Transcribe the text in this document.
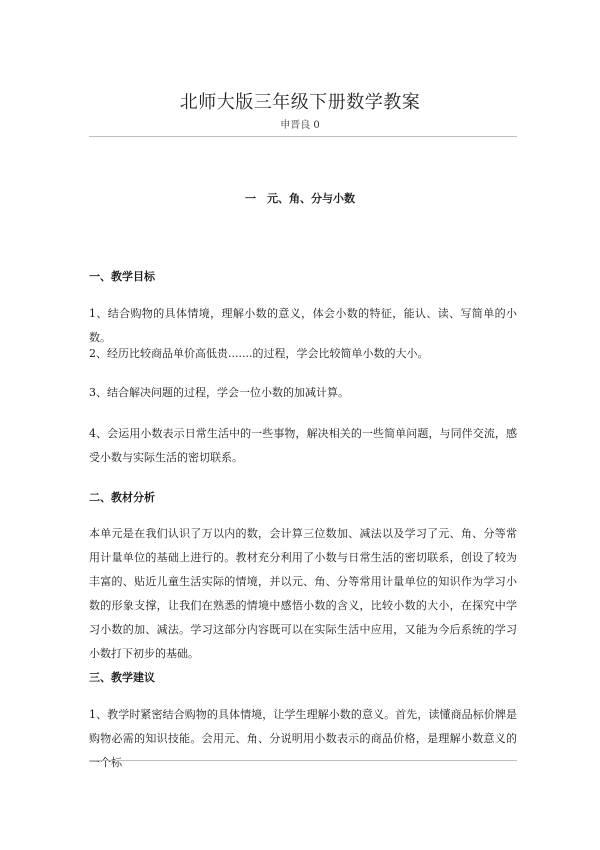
北师大版三年级下册数学教案
申晋良 0
一　元、角、分与小数
一、教学目标
1、结合购物的具体情境，理解小数的意义，体会小数的特征，能认、读、写简单的小数。
2、经历比较商品单价高低贵.......的过程，学会比较简单小数的大小。
3、结合解决问题的过程，学会一位小数的加减计算。
4、会运用小数表示日常生活中的一些事物，解决相关的一些简单问题，与同伴交流，感受小数与实际生活的密切联系。
二、教材分析
本单元是在我们认识了万以内的数，会计算三位数加、减法以及学习了元、角、分等常用计量单位的基础上进行的。教材充分利用了小数与日常生活的密切联系，创设了较为丰富的、贴近儿童生活实际的情境，并以元、角、分等常用计量单位的知识作为学习小数的形象支撑，让我们在熟悉的情境中感悟小数的含义，比较小数的大小，在探究中学习小数的加、减法。学习这部分内容既可以在实际生活中应用，又能为今后系统的学习小数打下初步的基础。
三、教学建议
1、教学时紧密结合购物的具体情境，让学生理解小数的意义。首先，读懂商品标价牌是购物必需的知识技能。会用元、角、分说明用小数表示的商品价格，是理解小数意义的一个标
